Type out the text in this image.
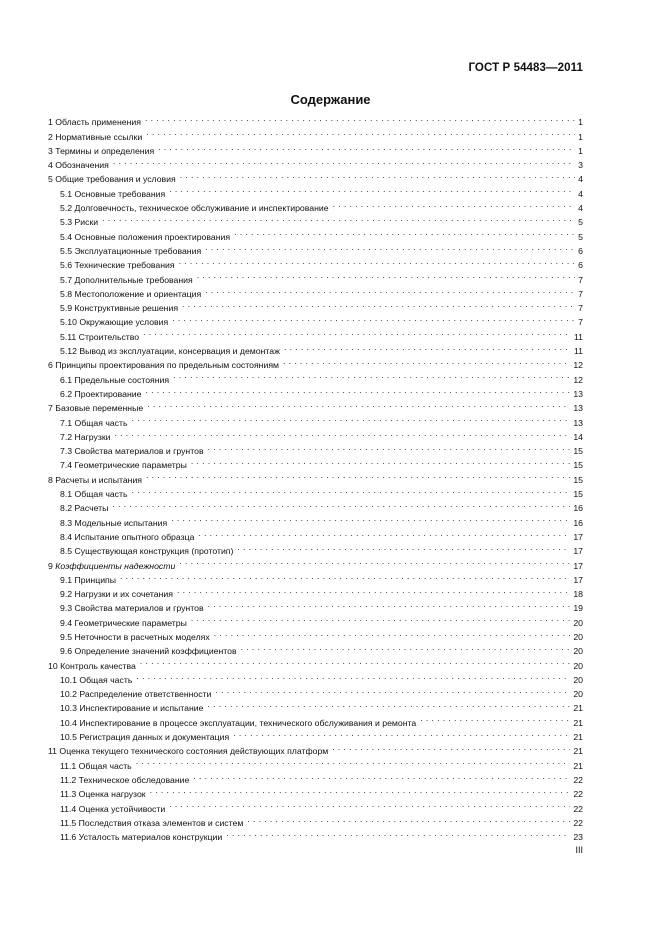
ГОСТ Р 54483—2011
Содержание
1 Область применения . . .	1
2 Нормативные ссылки . . .	1
3 Термины и определения . . .	1
4 Обозначения . . .	3
5 Общие требования и условия . . .	4
5.1 Основные требования . . .	4
5.2 Долговечность, техническое обслуживание и инспектирование . . .	4
5.3 Риски . . .	5
5.4 Основные положения проектирования . . .	5
5.5 Эксплуатационные требования . . .	6
5.6 Технические требования . . .	6
5.7 Дополнительные требования . . .	7
5.8 Местоположение и ориентация . . .	7
5.9 Конструктивные решения . . .	7
5.10 Окружающие условия . . .	7
5.11 Строительство . . .	11
5.12 Вывод из эксплуатации, консервация и демонтаж . . .	11
6 Принципы проектирования по предельным состояниям . . .	12
6.1 Предельные состояния . . .	12
6.2 Проектирование . . .	13
7 Базовые переменные . . .	13
7.1 Общая часть . . .	13
7.2 Нагрузки . . .	14
7.3 Свойства материалов и грунтов . . .	15
7.4 Геометрические параметры . . .	15
8 Расчеты и испытания . . .	15
8.1 Общая часть . . .	15
8.2 Расчеты . . .	16
8.3 Модельные испытания . . .	16
8.4 Испытание опытного образца . . .	17
8.5 Существующая конструкция (прототип) . . .	17
9 Коэффициенты надежности . . .	17
9.1 Принципы . . .	17
9.2 Нагрузки и их сочетания . . .	18
9.3 Свойства материалов и грунтов . . .	19
9.4 Геометрические параметры . . .	20
9.5 Неточности в расчетных моделях . . .	20
9.6 Определение значений коэффициентов . . .	20
10 Контроль качества . . .	20
10.1 Общая часть . . .	20
10.2 Распределение ответственности . . .	20
10.3 Инспектирование и испытание . . .	21
10.4 Инспектирование в процессе эксплуатации, технического обслуживания и ремонта . . .	21
10.5 Регистрация данных и документация . . .	21
11 Оценка текущего технического состояния действующих платформ . . .	21
11.1 Общая часть . . .	21
11.2 Техническое обследование . . .	22
11.3 Оценка нагрузок . . .	22
11.4 Оценка устойчивости . . .	22
11.5 Последствия отказа элементов и систем . . .	22
11.6 Усталость материалов конструкции . . .	23
III
